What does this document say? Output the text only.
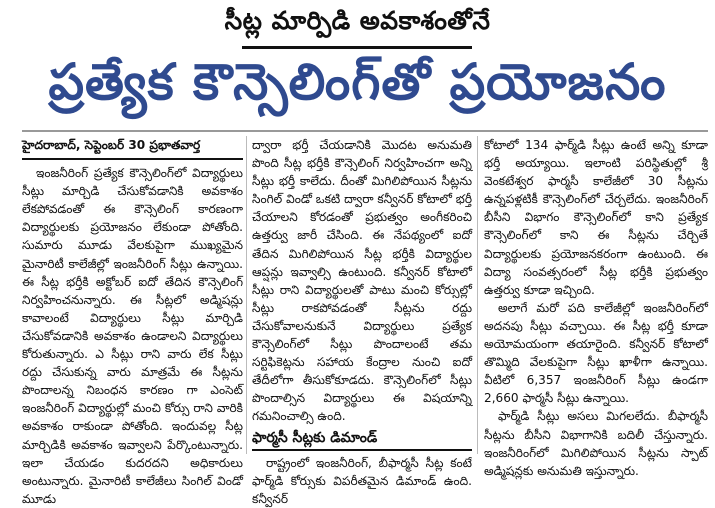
సీట్ల మార్పిడి అవకాశంతోనే
ప్రత్యేక కౌన్సెలింగ్‌తో ప్రయోజనం
హైదరాబాద్, సెప్టెంబర్ 30 ప్రభాతవార్త
ఇంజనీరింగ్ ప్రత్యేక కౌన్సెలింగ్‌లో విద్యార్థులు సీట్లు మార్చిడి చేసుకోవడానికి అవకాశం లేకపోవడంతో ఈ కౌన్సెలింగ్ కారణంగా విద్యార్థులకు ప్రయోజనం లేకుండా పోతోంది. సుమారు మూడు వేలకుపైగా ముఖ్యమైన మైనారిటీ కాలేజీల్లో ఇంజనీరింగ్ సీట్లు ఉన్నాయి. ఈ సీట్ల భర్తీకి అక్టోబర్ ఐదో తేదిన కౌన్సెలింగ్ నిర్వహించనున్నారు. ఈ సీట్లలో అడ్మిషన్లు కావాలంటే విద్యార్థులు సీట్లు మార్చిడి చేసుకోవడానికి అవకాశం ఉండాలని విద్యార్థులు కోరుతున్నారు. ఎ సీట్లు రాని వారు లేక సీట్లు రద్దు చేసుకున్న వారు మాత్రమే ఈ సీట్లను పొందాలన్న నిబంధన కారణం గా ఎంసెట్ ఇంజనీరింగ్ విద్యార్థుల్లో మంచి కోర్సు రాని వారికి అవకాశం రాకుండా పోతోంది. ఇందువల్ల సీట్ల మార్చిడికి అవకాశం ఇవ్వాలని పేర్కొంటున్నారు. ఇలా చేయడం కుదరదని అధికారులు అంటున్నారు. మైనారిటీ కాలేజీలు సింగిల్ విండో మూడు
ద్వారా భర్తీ చేయడానికి మొదట అనుమతి పొంది సీట్ల భర్తీకి కౌన్సెలింగ్ నిర్వహించగా అన్ని సీట్లు భర్తీ కాలేదు. దీంతో మిగిలిపోయిన సీట్లను సింగిల్ విండో ఒకటి ద్వారా కన్వీనర్ కోటాలో భర్తీ చేయాలని కోరడంతో ప్రభుత్వం అంగీకరించి ఉత్తర్వు జారీ చేసింది. ఈ నేపథ్యంలో ఐదో తేదిన మిగిలిపోయిన సీట్ల భర్తీకి విద్యార్థుల ఆప్షన్లు ఇవ్వాల్సి ఉంటుంది. కన్వీనర్ కోటాలో సీట్లు రాని విద్యార్థులతో పాటు మంచి కోర్సుల్లో సీట్లు రాకపోవడంతో సీట్లను రద్దు చేసుకోవాలనుకునే విద్యార్థులు ప్రత్యేక కౌన్సెలింగ్‌లో సీట్లు పొందాలంటే తమ సర్టిఫికెట్లను సహాయ కేంద్రాల నుంచి ఐదో తేదీలోగా తీసుకోకూడదు. కౌన్సెలింగ్‌లో సీట్లు పొందాల్సిన విద్యార్థులు ఈ విషయాన్ని గమనించాల్సి ఉంది.
ఫార్మసీ సీట్లకు డిమాండ్
రాష్ట్రంలో ఇంజనీరింగ్, బీఫార్మసీ సీట్ల కంటే ఫార్మ్‌డి కోర్సుకు విపరీతమైన డిమాండ్ ఉంది. కన్వీనర్
కోటాలో 134 ఫార్మ్‌డి సీట్లు ఉంటే అన్ని కూడా భర్తీ అయ్యాయి. ఇలాంటి పరిస్థితుల్లో శ్రీ వెంకటేశ్వర ఫార్మసీ కాలేజీలో 30 సీట్లను ఉన్నపళ్లటికీ కౌన్సెలింగ్‌లో చేర్చలేదు. ఇంజనీరింగ్ బీసీని విభాగం కౌన్సెలింగ్‌లో కాని ప్రత్యేక కౌన్సెలింగ్‌లో కాని ఈ సీట్లను చేర్చితే విద్యార్థులకు ప్రయోజనకరంగా ఉంటుంది. ఈ విద్యా సంవత్సరంలో సీట్ల భర్తీకి ప్రభుత్వం ఉత్తర్వు కూడా ఇచ్చింది.
అలాగే మరో పది కాలేజీల్లో ఇంజనీరింగ్‌లో అదనపు సీట్లు వచ్చాయి. ఈ సీట్ల భర్తీ కూడా అయోమయంగా తయారైంది. కన్వీనర్ కోటాలో తొమ్మిది వేలకుపైగా సీట్లు ఖాళీగా ఉన్నాయి. వీటిలో 6,357 ఇంజనీరింగ్ సీట్లు ఉండగా 2,660 ఫార్మసీ సీట్లు ఉన్నాయి.
ఫార్మ్‌డి సీట్లు అసలు మిగలలేదు. బీఫార్మసీ సీట్లను బీసీని విభాగానికి బదిలీ చేస్తున్నారు. ఇంజనీరింగ్‌లో మిగిలిపోయిన సీట్లను స్పాట్ అడ్మిషన్లకు అనుమతి ఇస్తున్నారు.
